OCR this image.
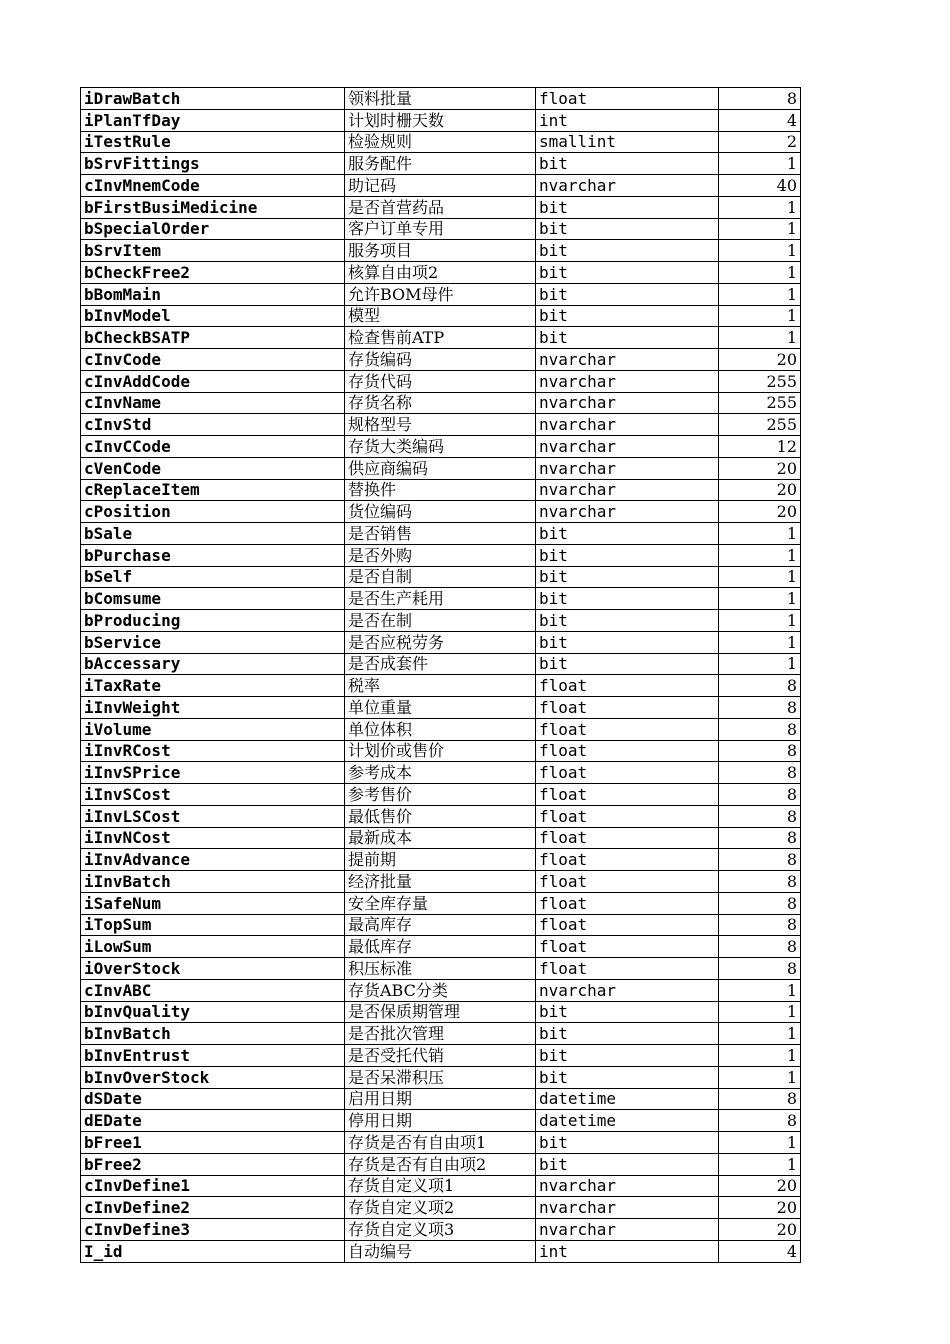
iDrawBatch	领料批量	float	8
iPlanTfDay	计划时栅天数	int	4
iTestRule	检验规则	smallint	2
bSrvFittings	服务配件	bit	1
cInvMnemCode	助记码	nvarchar	40
bFirstBusiMedicine	是否首营药品	bit	1
bSpecialOrder	客户订单专用	bit	1
bSrvItem	服务项目	bit	1
bCheckFree2	核算自由项2	bit	1
bBomMain	允许BOM母件	bit	1
bInvModel	模型	bit	1
bCheckBSATP	检查售前ATP	bit	1
cInvCode	存货编码	nvarchar	20
cInvAddCode	存货代码	nvarchar	255
cInvName	存货名称	nvarchar	255
cInvStd	规格型号	nvarchar	255
cInvCCode	存货大类编码	nvarchar	12
cVenCode	供应商编码	nvarchar	20
cReplaceItem	替换件	nvarchar	20
cPosition	货位编码	nvarchar	20
bSale	是否销售	bit	1
bPurchase	是否外购	bit	1
bSelf	是否自制	bit	1
bComsume	是否生产耗用	bit	1
bProducing	是否在制	bit	1
bService	是否应税劳务	bit	1
bAccessary	是否成套件	bit	1
iTaxRate	税率	float	8
iInvWeight	单位重量	float	8
iVolume	单位体积	float	8
iInvRCost	计划价或售价	float	8
iInvSPrice	参考成本	float	8
iInvSCost	参考售价	float	8
iInvLSCost	最低售价	float	8
iInvNCost	最新成本	float	8
iInvAdvance	提前期	float	8
iInvBatch	经济批量	float	8
iSafeNum	安全库存量	float	8
iTopSum	最高库存	float	8
iLowSum	最低库存	float	8
iOverStock	积压标准	float	8
cInvABC	存货ABC分类	nvarchar	1
bInvQuality	是否保质期管理	bit	1
bInvBatch	是否批次管理	bit	1
bInvEntrust	是否受托代销	bit	1
bInvOverStock	是否呆滞积压	bit	1
dSDate	启用日期	datetime	8
dEDate	停用日期	datetime	8
bFree1	存货是否有自由项1	bit	1
bFree2	存货是否有自由项2	bit	1
cInvDefine1	存货自定义项1	nvarchar	20
cInvDefine2	存货自定义项2	nvarchar	20
cInvDefine3	存货自定义项3	nvarchar	20
I_id	自动编号	int	4
